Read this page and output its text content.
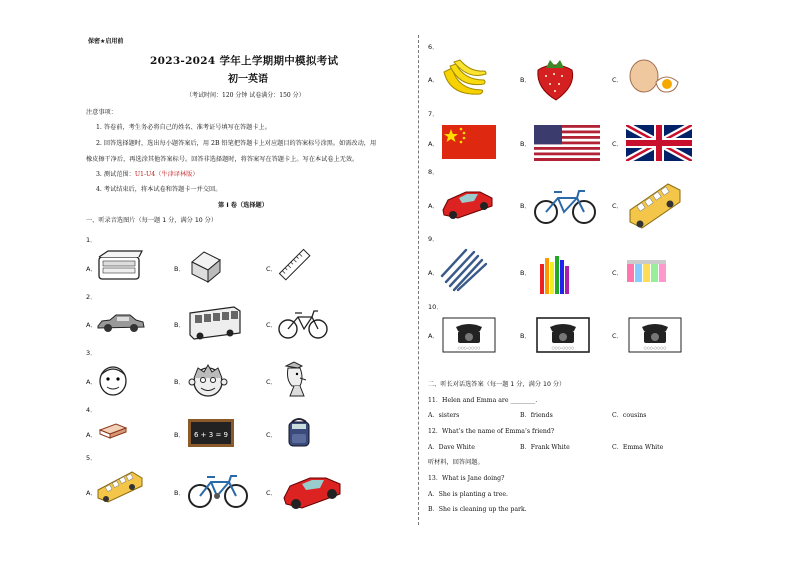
保密★启用前
2023-2024 学年上学期期中模拟考试
初一英语
（考试时间：120 分钟 试卷满分：150 分）
注意事项：
1. 答卷前，考生务必将自己的姓名、准考证号填写在答题卡上。
2. 回答选择题时，选出每小题答案后，用 2B 铅笔把答题卡上对应题目的答案标号涂黑。如需改动，用
橡皮擦干净后，再选涂其他答案标号。回答非选择题时，将答案写在答题卡上。写在本试卷上无效。
3. 测试范围：U1-U4（牛津译林版）
4. 考试结束后，将本试卷和答题卡一并交回。
第 I 卷（选择题）
一、听录音选图片（每一题 1 分，满分 10 分）
1．
2．
3．
4．
5．
A．	B．	C．
A．	B．	C．
A．	B．	C．
A．	B．	C．
A．	B．	C．
6 + 3 = 9
6．
7．
8．
9．
10．
A．	B．	C．
A．	B．	C．
A．	B．	C．
A．	B．	C．
A．	B．	C．
○○○-○○○○	○○○-○○○○	○○○-○○○○
二、听长对话选答案（每一题 1 分，满分 10 分）
11．Helen and Emma are ________.
A．sisters	B．friends	C．cousins
12．What’s the name of Emma’s friend?
A．Dave White	B．Frank White	C．Emma White
听材料，回答问题。
13．What is Jane doing?
A．She is planting a tree.
B．She is cleaning up the park.
